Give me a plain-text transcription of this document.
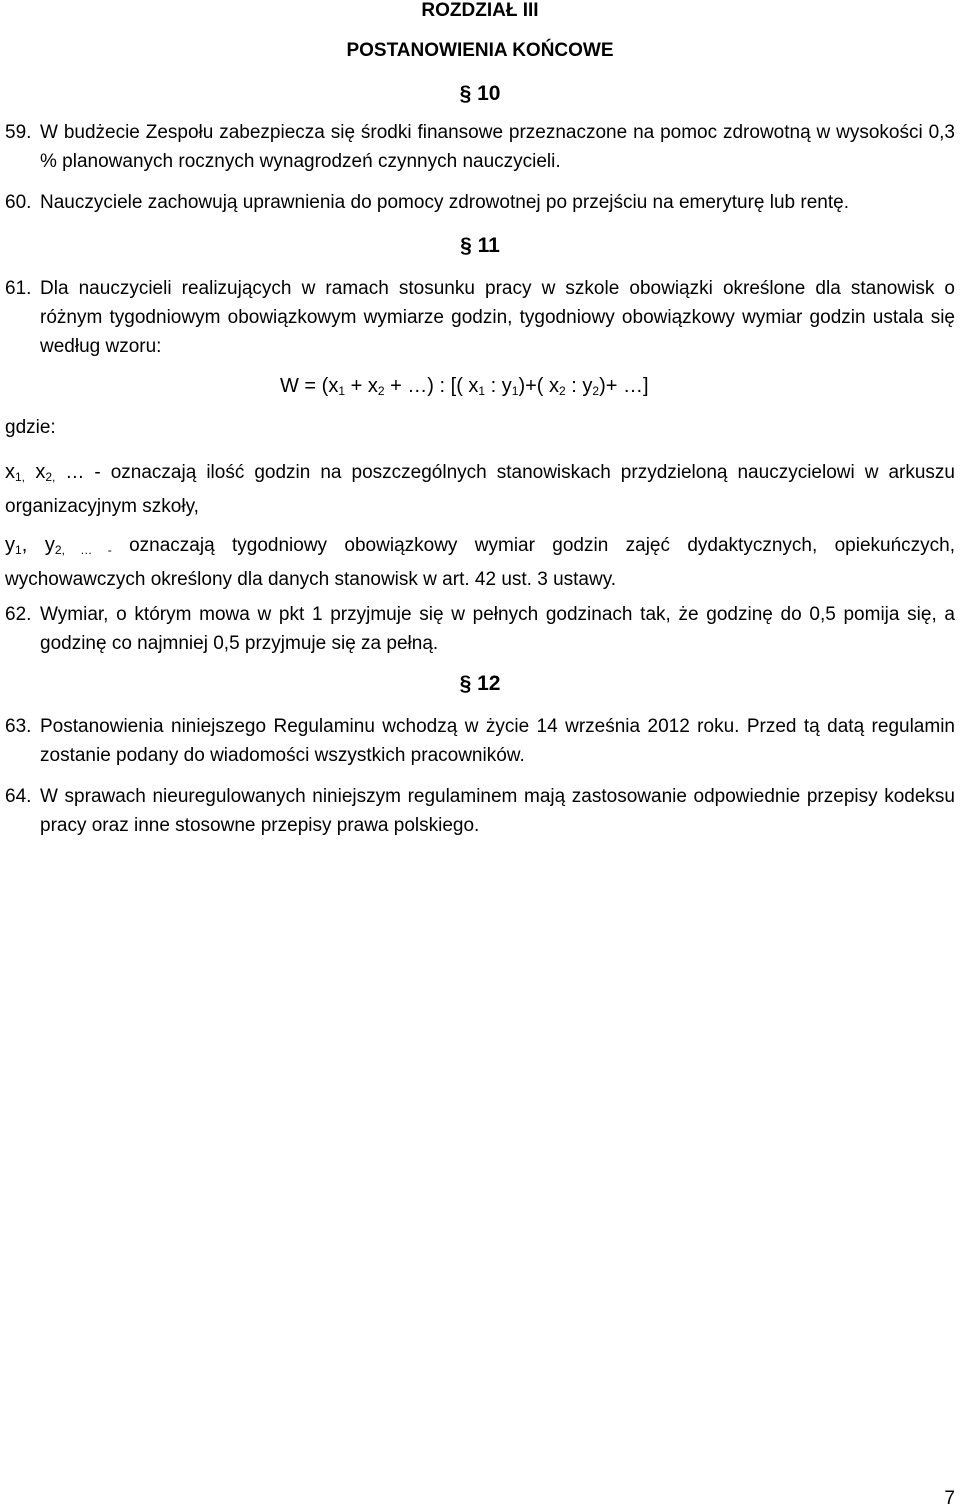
ROZDZIAŁ III
POSTANOWIENIA KOŃCOWE
§ 10
59. W budżecie Zespołu zabezpiecza się środki finansowe przeznaczone na pomoc zdrowotną w wysokości 0,3 % planowanych rocznych wynagrodzeń czynnych nauczycieli.
60. Nauczyciele zachowują uprawnienia do pomocy zdrowotnej po przejściu na emeryturę lub rentę.
§ 11
61. Dla nauczycieli realizujących w ramach stosunku pracy w szkole obowiązki określone dla stanowisk o różnym tygodniowym obowiązkowym wymiarze godzin, tygodniowy obowiązkowy wymiar godzin ustala się według wzoru:
$W = (x_1 + x_2$ + …) : [( $x_1$ : $y_1)+$( $x_2$ : $y_2)+$ …]
gdzie:
$x_{1,}$ $x_{2,}$ … - oznaczają ilość godzin na poszczególnych stanowiskach przydzieloną nauczycielowi w arkuszu organizacyjnym szkoły,
$y_1$, $y_{2, \dots -}$ oznaczają tygodniowy obowiązkowy wymiar godzin zajęć dydaktycznych, opiekuńczych, wychowawczych określony dla danych stanowisk w art. 42 ust. 3 ustawy.
62. Wymiar, o którym mowa w pkt 1 przyjmuje się w pełnych godzinach tak, że godzinę do 0,5 pomija się, a godzinę co najmniej 0,5 przyjmuje się za pełną.
§ 12
63. Postanowienia niniejszego Regulaminu wchodzą w życie 14 września 2012 roku. Przed tą datą regulamin zostanie podany do wiadomości wszystkich pracowników.
64. W sprawach nieuregulowanych niniejszym regulaminem mają zastosowanie odpowiednie przepisy kodeksu pracy oraz inne stosowne przepisy prawa polskiego.
7
